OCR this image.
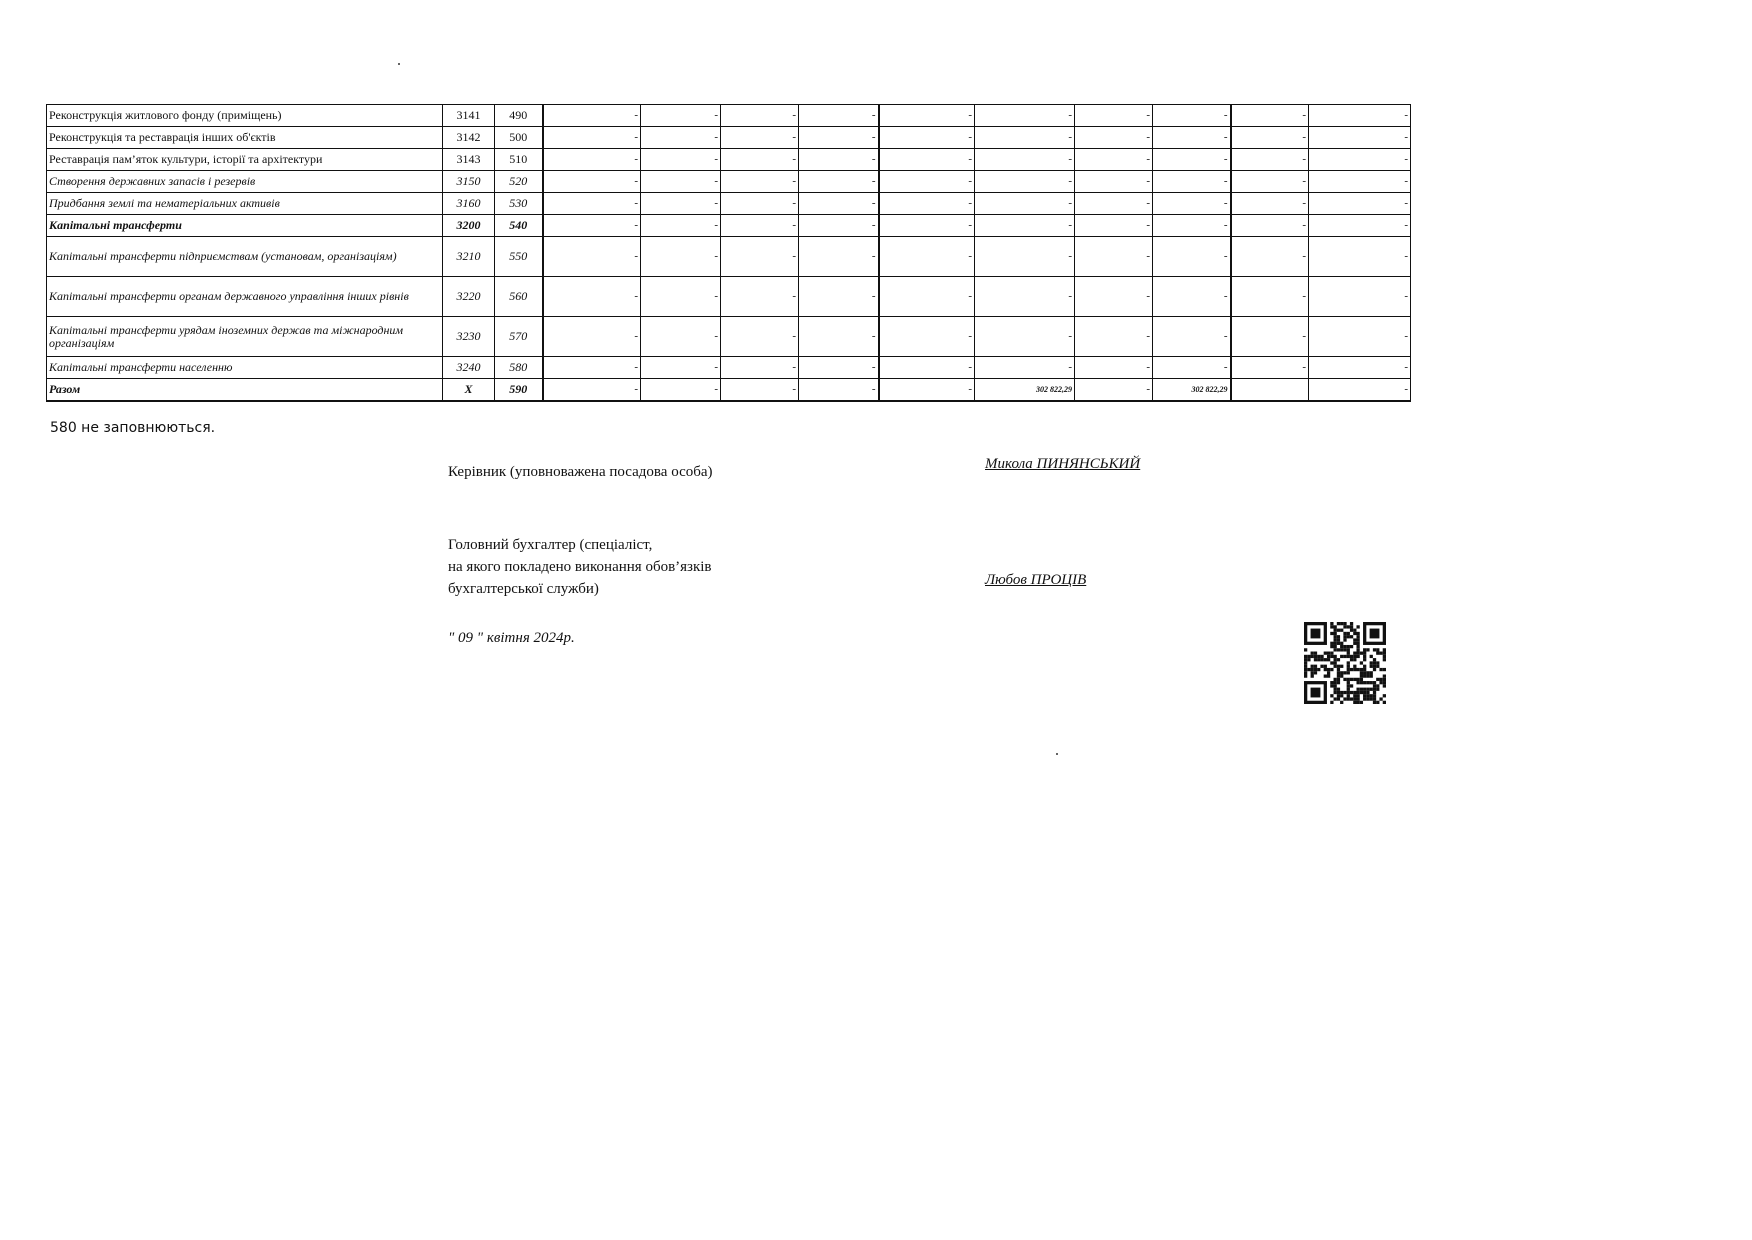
Реконструкція житлового фонду (приміщень)	3141	490	-	-	-	-	-	-	-	-	-	-	
Реконструкція та реставрація інших об'єктів	3142	500	-	-	-	-	-	-	-	-	-	-	
Реставрація пам’яток культури, історії та архітектури	3143	510	-	-	-	-	-	-	-	-	-	-	
Створення державних запасів і резервів	3150	520	-	-	-	-	-	-	-	-	-	-	
Придбання землі та нематеріальних активів	3160	530	-	-	-	-	-	-	-	-	-	-	
Капітальні трансферти	3200	540	-	-	-	-	-	-	-	-	-	-	
Капітальні трансферти підприємствам (установам, організаціям)	3210	550	-	-	-	-	-	-	-	-	-	-	
Капітальні трансферти органам державного управління інших рівнів	3220	560	-	-	-	-	-	-	-	-	-	-	
Капітальні трансферти урядам іноземних держав та міжнародним організаціям	3230	570	-	-	-	-	-	-	-	-	-	-	
Капітальні трансферти населенню	3240	580	-	-	-	-	-	-	-	-	-	-	
Разом	X	590	-	-	-	-	-	302 822,29	-	302 822,29		-	
580 не заповнюються.
Керівник (уповноважена посадова особа)	Микола ПИНЯНСЬКИЙ
Головний бухгалтер (спеціаліст,
на якого покладено виконання обов’язків
бухгалтерської служби)
Любов ПРОЦІВ
" 09 " квітня 2024р.
